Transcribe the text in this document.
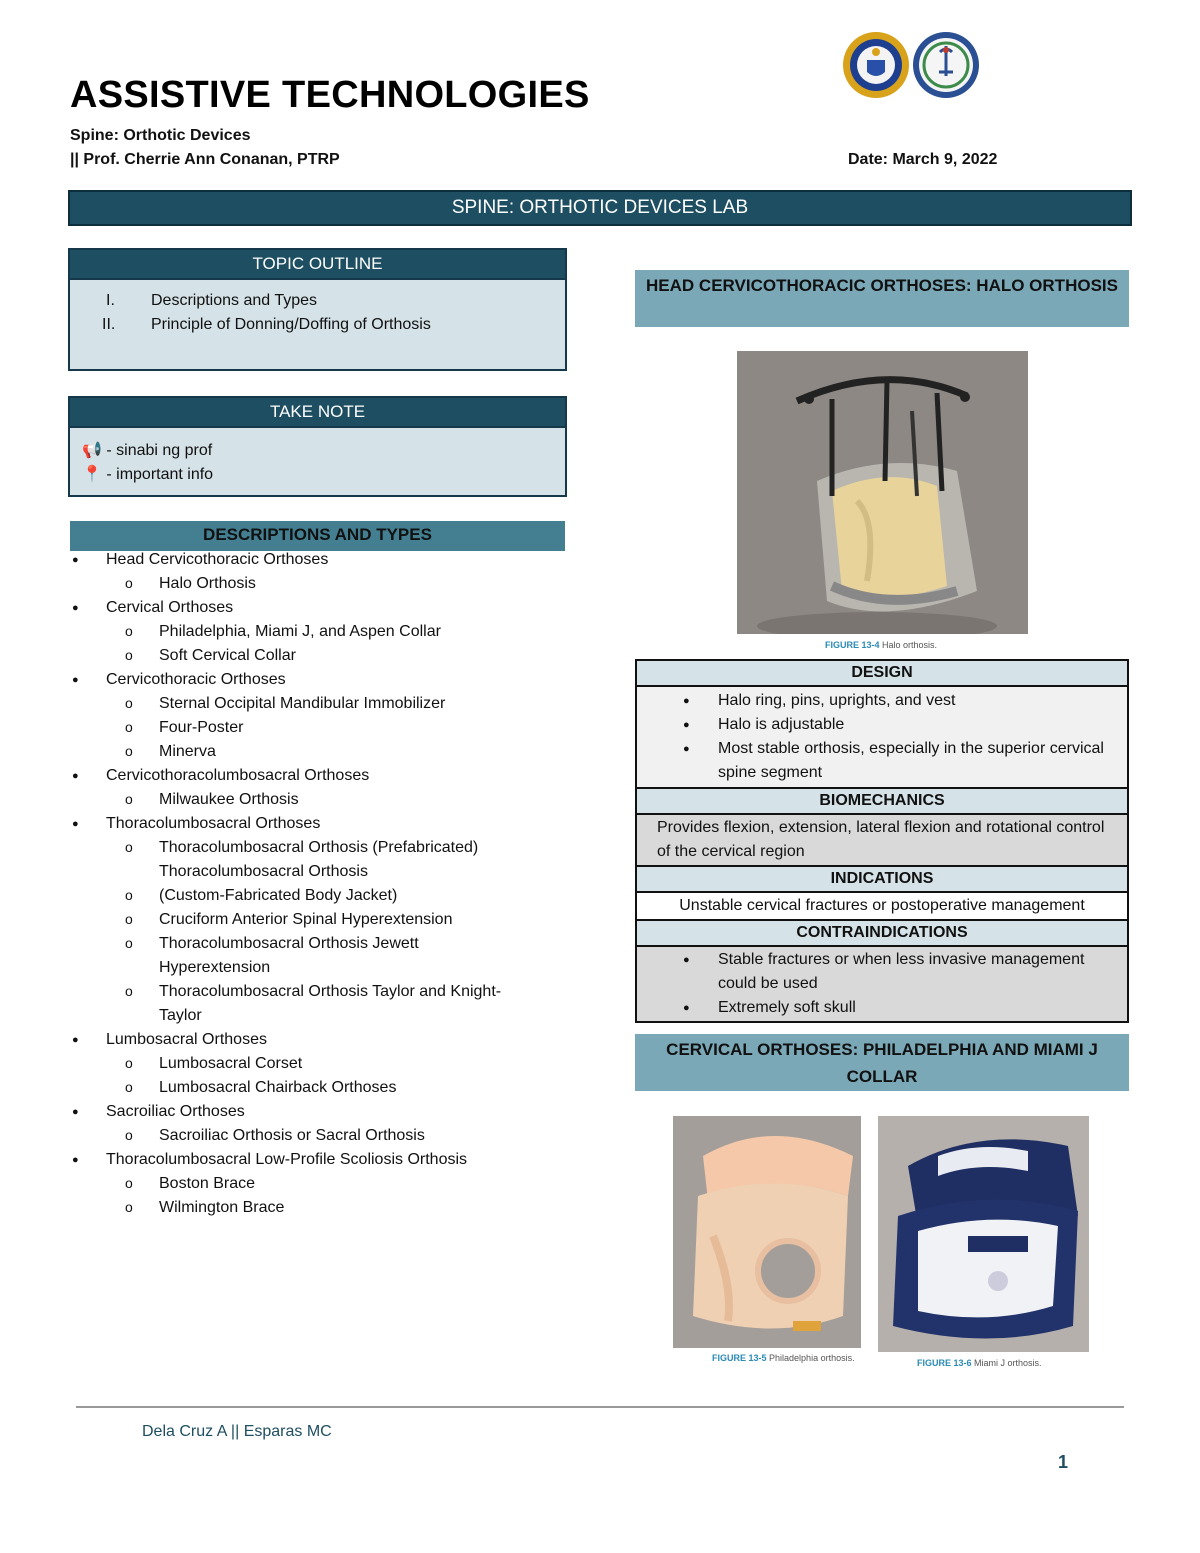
ASSISTIVE TECHNOLOGIES
Spine: Orthotic Devices
|| Prof. Cherrie Ann Conanan, PTRP	Date: March 9, 2022
SPINE: ORTHOTIC DEVICES LAB
TOPIC OUTLINE
I. Descriptions and Types
II. Principle of Donning/Doffing of Orthosis
TAKE NOTE
📢 - sinabi ng prof
📍 - important info
DESCRIPTIONS AND TYPES
● Head Cervicothoracic Orthoses
o Halo Orthosis
● Cervical Orthoses
o Philadelphia, Miami J, and Aspen Collar
o Soft Cervical Collar
● Cervicothoracic Orthoses
o Sternal Occipital Mandibular Immobilizer
o Four-Poster
o Minerva
● Cervicothoracolumbosacral Orthoses
o Milwaukee Orthosis
● Thoracolumbosacral Orthoses
o Thoracolumbosacral Orthosis (Prefabricated) Thoracolumbosacral Orthosis
o (Custom-Fabricated Body Jacket)
o Cruciform Anterior Spinal Hyperextension
o Thoracolumbosacral Orthosis Jewett Hyperextension
o Thoracolumbosacral Orthosis Taylor and Knight-Taylor
● Lumbosacral Orthoses
o Lumbosacral Corset
o Lumbosacral Chairback Orthoses
● Sacroiliac Orthoses
o Sacroiliac Orthosis or Sacral Orthosis
● Thoracolumbosacral Low-Profile Scoliosis Orthosis
o Boston Brace
o Wilmington Brace
HEAD CERVICOTHORACIC ORTHOSES: HALO ORTHOSIS
FIGURE 13-4 Halo orthosis.
DESIGN
● Halo ring, pins, uprights, and vest
● Halo is adjustable
● Most stable orthosis, especially in the superior cervical spine segment
BIOMECHANICS
Provides flexion, extension, lateral flexion and rotational control of the cervical region
INDICATIONS
Unstable cervical fractures or postoperative management
CONTRAINDICATIONS
● Stable fractures or when less invasive management could be used
● Extremely soft skull
CERVICAL ORTHOSES: PHILADELPHIA AND MIAMI J COLLAR
FIGURE 13-5 Philadelphia orthosis.	FIGURE 13-6 Miami J orthosis.
Dela Cruz A || Esparas MC
1
